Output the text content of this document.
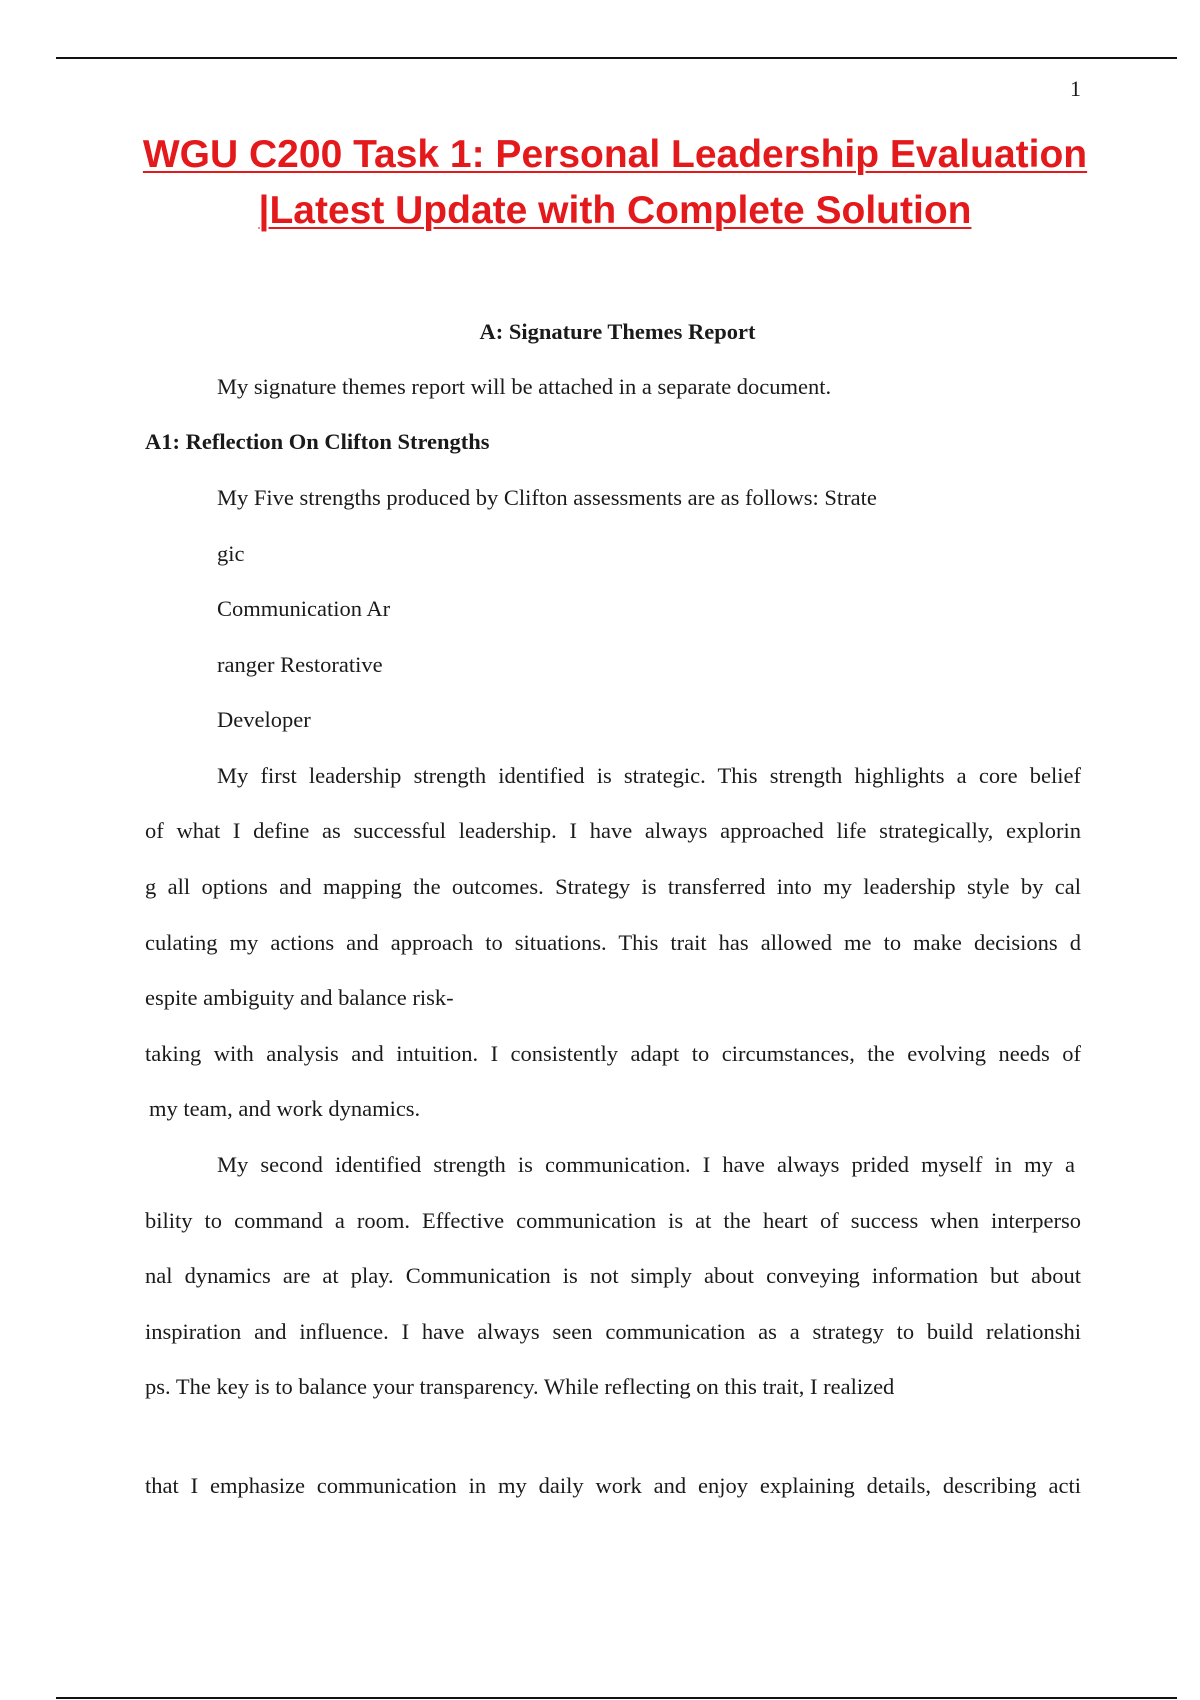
1
WGU C200 Task 1: Personal Leadership Evaluation
|Latest Update with Complete Solution
A: Signature Themes Report
My signature themes report will be attached in a separate document.
A1: Reflection On Clifton Strengths
My Five strengths produced by Clifton assessments are as follows: Strate
gic
Communication Ar
ranger Restorative
Developer
My first leadership strength identified is strategic. This strength highlights a core belief
of what I define as successful leadership. I have always approached life strategically, explorin
g all options and mapping the outcomes. Strategy is transferred into my leadership style by cal
culating my actions and approach to situations. This trait has allowed me to make decisions d
espite ambiguity and balance risk-
taking with analysis and intuition. I consistently adapt to circumstances, the evolving needs of
my team, and work dynamics.
My second identified strength is communication. I have always prided myself in my a
bility to command a room. Effective communication is at the heart of success when interperso
nal dynamics are at play. Communication is not simply about conveying information but about
inspiration and influence. I have always seen communication as a strategy to build relationshi
ps. The key is to balance your transparency. While reflecting on this trait, I realized
that I emphasize communication in my daily work and enjoy explaining details, describing acti
